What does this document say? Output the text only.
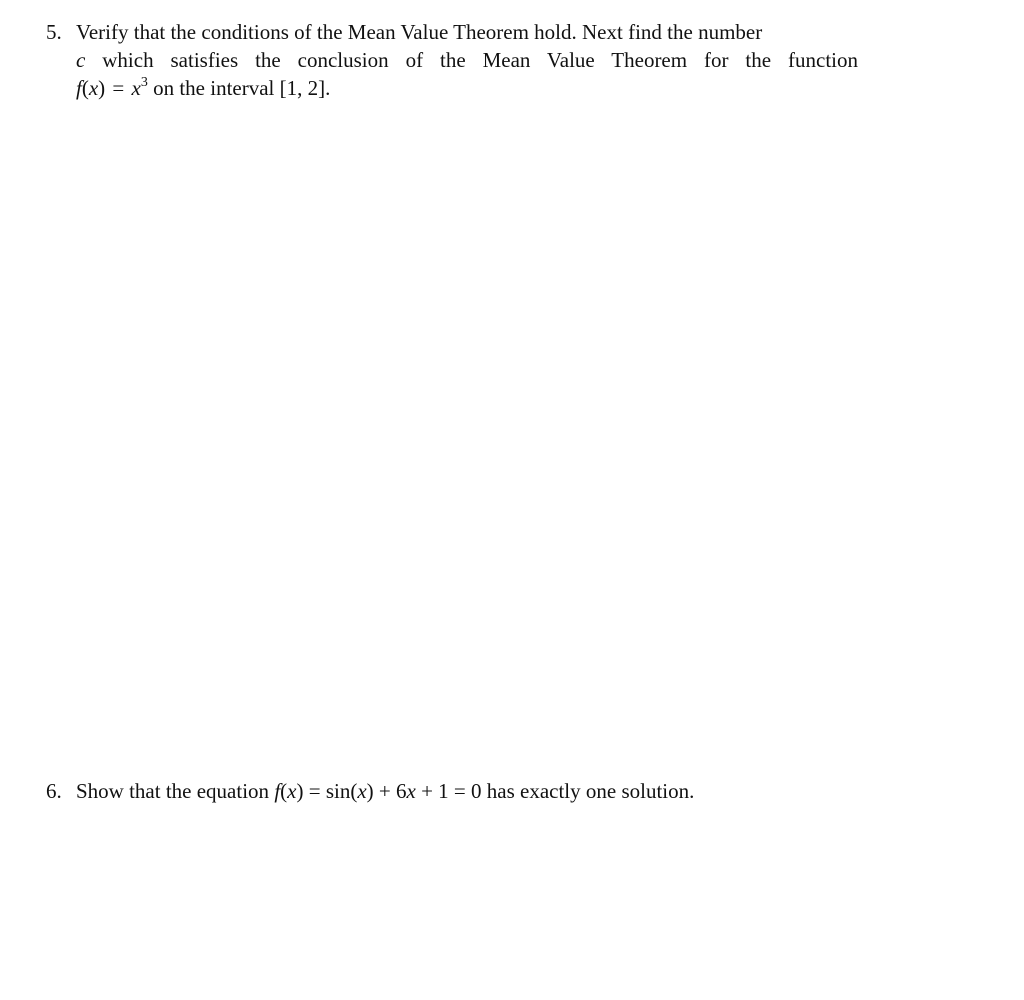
5. Verify that the conditions of the Mean Value Theorem hold. Next find the number
c which satisfies the conclusion of the Mean Value Theorem for the function
$f(x) = x^3$ on the interval [1, 2].
6. Show that the equation f(x) = sin(x) + 6x + 1 = 0 has exactly one solution.
